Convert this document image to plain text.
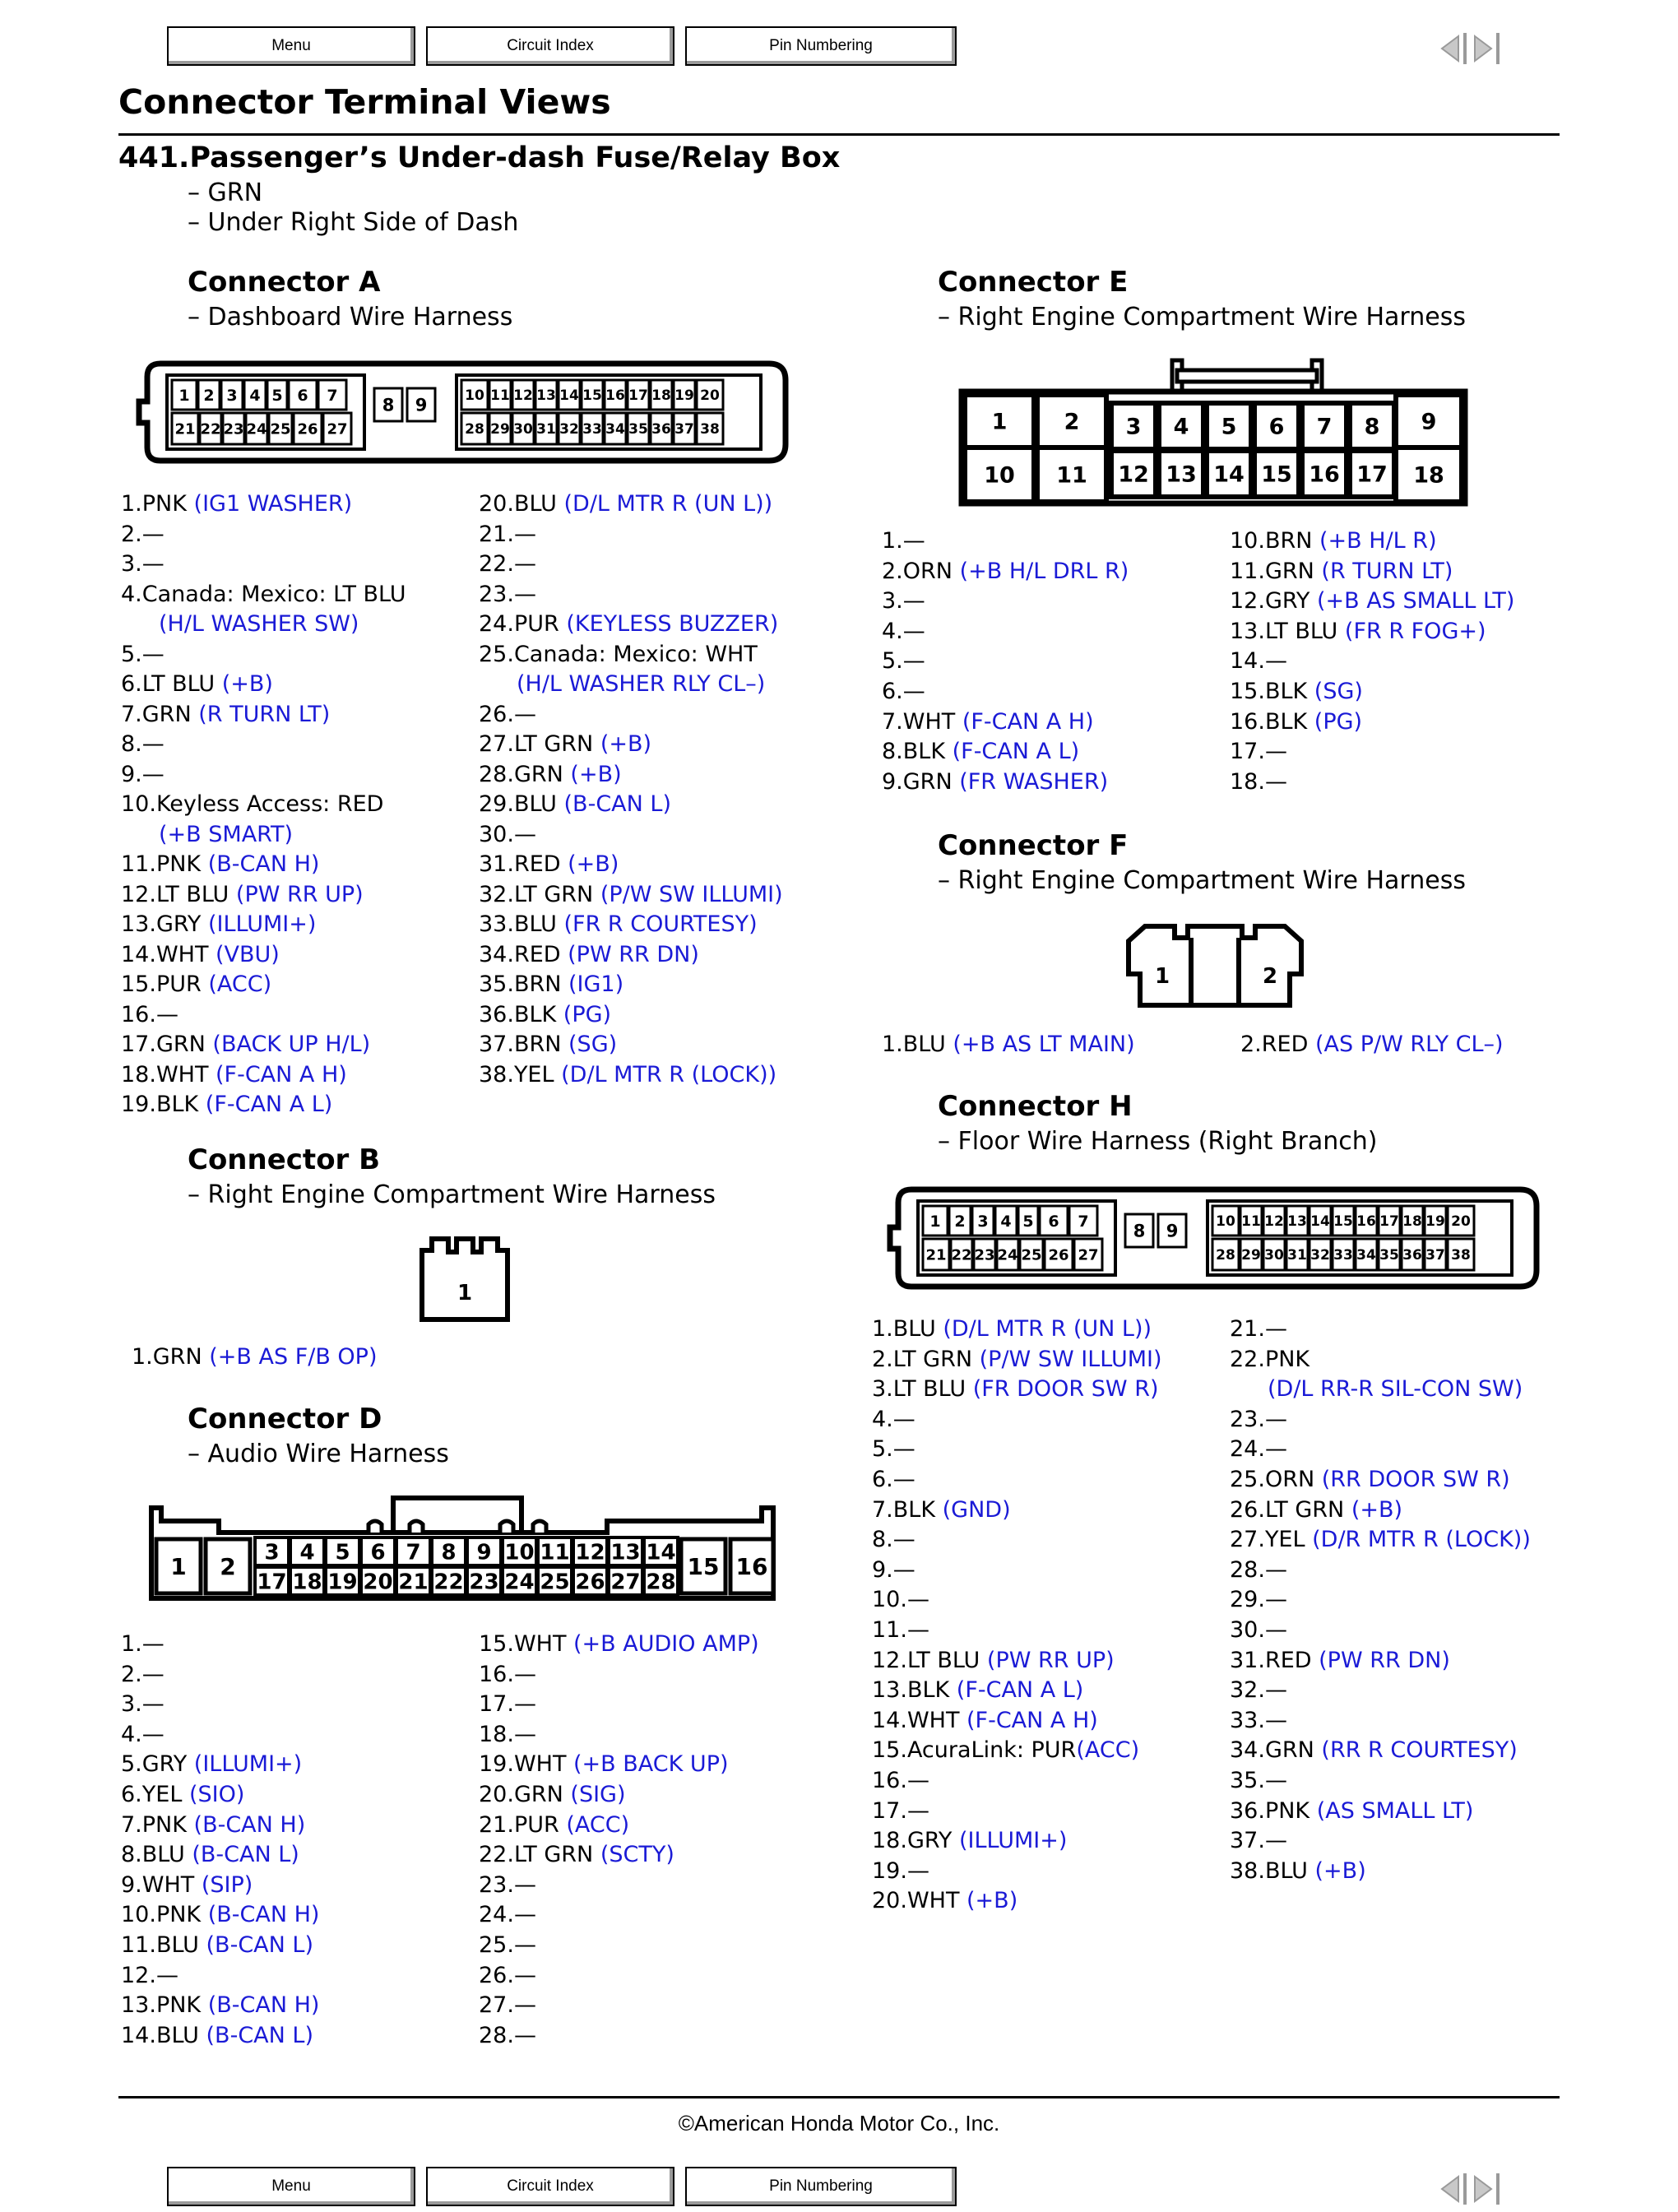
Menu	Circuit Index	Pin Numbering
Connector Terminal Views
441.Passenger’s Under-dash Fuse/Relay Box
– GRN
– Under Right Side of Dash
Connector A
– Dashboard Wire Harness
1 2 3 4 5 6 7	8 9	10 11 12 13 14 15 16 17 18 19 20
21 22 23 24 25 26 27	28 29 30 31 32 33 34 35 36 37 38
1.PNK (IG1 WASHER)
2.—
3.—
4.Canada: Mexico: LT BLU
(H/L WASHER SW)
5.—
6.LT BLU (+B)
7.GRN (R TURN LT)
8.—
9.—
10.Keyless Access: RED
(+B SMART)
11.PNK (B-CAN H)
12.LT BLU (PW RR UP)
13.GRY (ILLUMI+)
14.WHT (VBU)
15.PUR (ACC)
16.—
17.GRN (BACK UP H/L)
18.WHT (F-CAN A H)
19.BLK (F-CAN A L)
20.BLU (D/L MTR R (UN L))
21.—
22.—
23.—
24.PUR (KEYLESS BUZZER)
25.Canada: Mexico: WHT
(H/L WASHER RLY CL–)
26.—
27.LT GRN (+B)
28.GRN (+B)
29.BLU (B-CAN L)
30.—
31.RED (+B)
32.LT GRN (P/W SW ILLUMI)
33.BLU (FR R COURTESY)
34.RED (PW RR DN)
35.BRN (IG1)
36.BLK (PG)
37.BRN (SG)
38.YEL (D/L MTR R (LOCK))
Connector B
– Right Engine Compartment Wire Harness
1
1.GRN (+B AS F/B OP)
Connector D
– Audio Wire Harness
1 2
3
17
4
18
5
19
6
20
7
21
8
22
9
23
10
24
11
25
12
26
13
27
14
28
15 16
1.—
2.—
3.—
4.—
5.GRY (ILLUMI+)
6.YEL (SIO)
7.PNK (B-CAN H)
8.BLU (B-CAN L)
9.WHT (SIP)
10.PNK (B-CAN H)
11.BLU (B-CAN L)
12.—
13.PNK (B-CAN H)
14.BLU (B-CAN L)
15.WHT (+B AUDIO AMP)
16.—
17.—
18.—
19.WHT (+B BACK UP)
20.GRN (SIG)
21.PUR (ACC)
22.LT GRN (SCTY)
23.—
24.—
25.—
26.—
27.—
28.—
Connector E
– Right Engine Compartment Wire Harness
1	2
10 11
3
12
4
13
5
14
6
15
7
16
8
17
9
18
1.—
2.ORN (+B H/L DRL R)
3.—
4.—
5.—
6.—
7.WHT (F-CAN A H)
8.BLK (F-CAN A L)
9.GRN (FR WASHER)
10.BRN (+B H/L R)
11.GRN (R TURN LT)
12.GRY (+B AS SMALL LT)
13.LT BLU (FR R FOG+)
14.—
15.BLK (SG)
16.BLK (PG)
17.—
18.—
Connector F
– Right Engine Compartment Wire Harness
1	2
1.BLU (+B AS LT MAIN)	2.RED (AS P/W RLY CL–)
Connector H
– Floor Wire Harness (Right Branch)
1 2 3 4 5 6 7	8 9	10 11 12 13 14 15 16 17 18 19 20
21 22 23 24 25 26 27	28 29 30 31 32 33 34 35 36 37 38
1.BLU (D/L MTR R (UN L))
2.LT GRN (P/W SW ILLUMI)
3.LT BLU (FR DOOR SW R)
4.—
5.—
6.—
7.BLK (GND)
8.—
9.—
10.—
11.—
12.LT BLU (PW RR UP)
13.BLK (F-CAN A L)
14.WHT (F-CAN A H)
15.AcuraLink: PUR(ACC)
16.—
17.—
18.GRY (ILLUMI+)
19.—
20.WHT (+B)
21.—
22.PNK
(D/L RR-R SIL-CON SW)
23.—
24.—
25.ORN (RR DOOR SW R)
26.LT GRN (+B)
27.YEL (D/R MTR R (LOCK))
28.—
29.—
30.—
31.RED (PW RR DN)
32.—
33.—
34.GRN (RR R COURTESY)
35.—
36.PNK (AS SMALL LT)
37.—
38.BLU (+B)
©American Honda Motor Co., Inc.
Menu	Circuit Index	Pin Numbering
